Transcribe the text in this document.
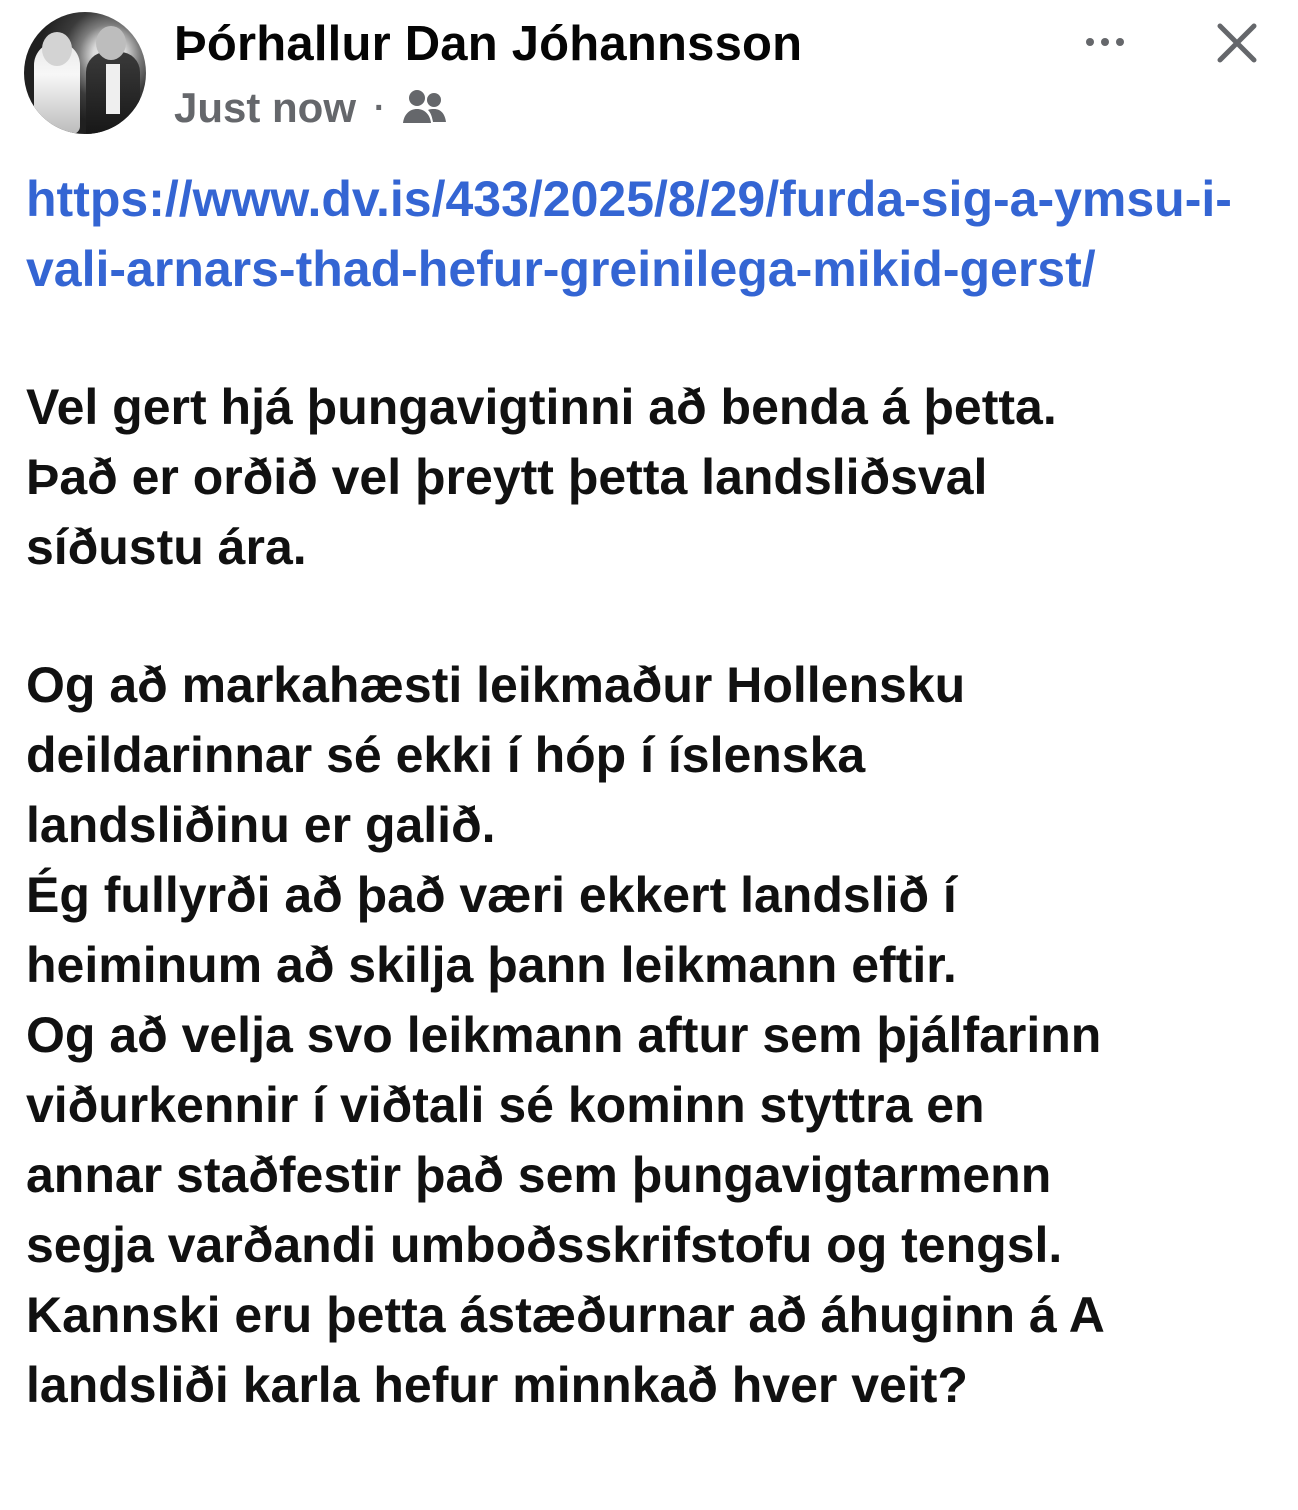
Þórhallur Dan Jóhannsson
Just now ·
https://www.dv.is/433/2025/8/29/furda-sig-a-ymsu-i-vali-arnars-thad-hefur-greinilega-mikid-gerst/
Vel gert hjá þungavigtinni að benda á þetta.
Það er orðið vel þreytt þetta landsliðsval
síðustu ára.
Og að markahæsti leikmaður Hollensku
deildarinnar sé ekki í hóp í íslenska
landsliðinu er galið.
Ég fullyrði að það væri ekkert landslið í
heiminum að skilja þann leikmann eftir.
Og að velja svo leikmann aftur sem þjálfarinn
viðurkennir í viðtali sé kominn styttra en
annar staðfestir það sem þungavigtarmenn
segja varðandi umboðsskrifstofu og tengsl.
Kannski eru þetta ástæðurnar að áhuginn á A
landsliði karla hefur minnkað hver veit?
